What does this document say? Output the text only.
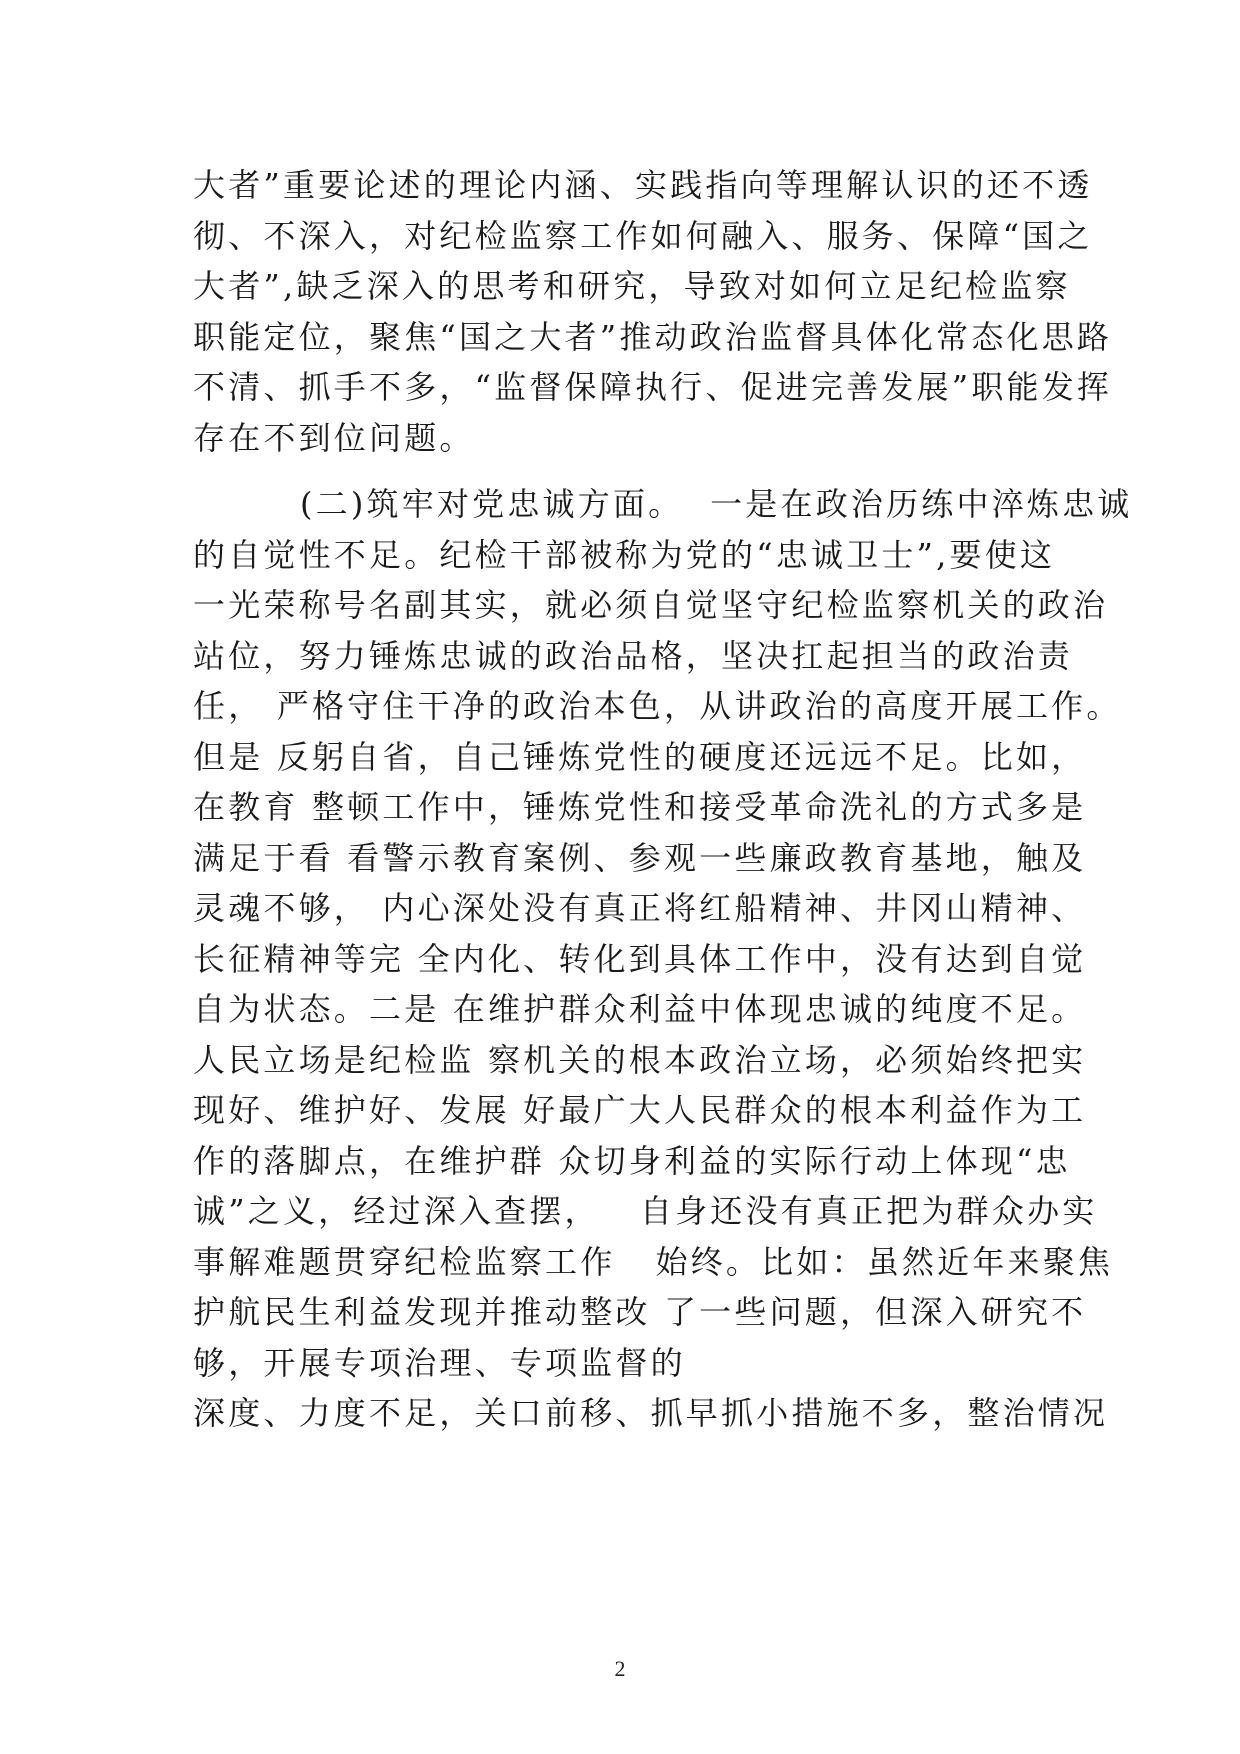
大者”重要论述的理论内涵、实践指向等理解认识的还不透
彻、不深入，对纪检监察工作如何融入、服务、保障“国之
大者”,缺乏深入的思考和研究，导致对如何立足纪检监察
职能定位，聚焦“国之大者”推动政治监督具体化常态化思路
不清、抓手不多，“监督保障执行、促进完善发展”职能发挥
存在不到位问题。
(二)筑牢对党忠诚方面。  一是在政治历练中淬炼忠诚
的自觉性不足。纪检干部被称为党的“忠诚卫士”,要使这
一光荣称号名副其实，就必须自觉坚守纪检监察机关的政治
站位，努力锤炼忠诚的政治品格，坚决扛起担当的政治责
任， 严格守住干净的政治本色，从讲政治的高度开展工作。
但是 反躬自省，自己锤炼党性的硬度还远远不足。比如，
在教育 整顿工作中，锤炼党性和接受革命洗礼的方式多是
满足于看 看警示教育案例、参观一些廉政教育基地，触及
灵魂不够， 内心深处没有真正将红船精神、井冈山精神、
长征精神等完 全内化、转化到具体工作中，没有达到自觉
自为状态。二是 在维护群众利益中体现忠诚的纯度不足。
人民立场是纪检监 察机关的根本政治立场，必须始终把实
现好、维护好、发展 好最广大人民群众的根本利益作为工
作的落脚点，在维护群 众切身利益的实际行动上体现“忠
诚”之义，经过深入查摆，   自身还没有真正把为群众办实
事解难题贯穿纪检监察工作   始终。比如：虽然近年来聚焦
护航民生利益发现并推动整改 了一些问题，但深入研究不
够，开展专项治理、专项监督的
深度、力度不足，关口前移、抓早抓小措施不多，整治情况
2
